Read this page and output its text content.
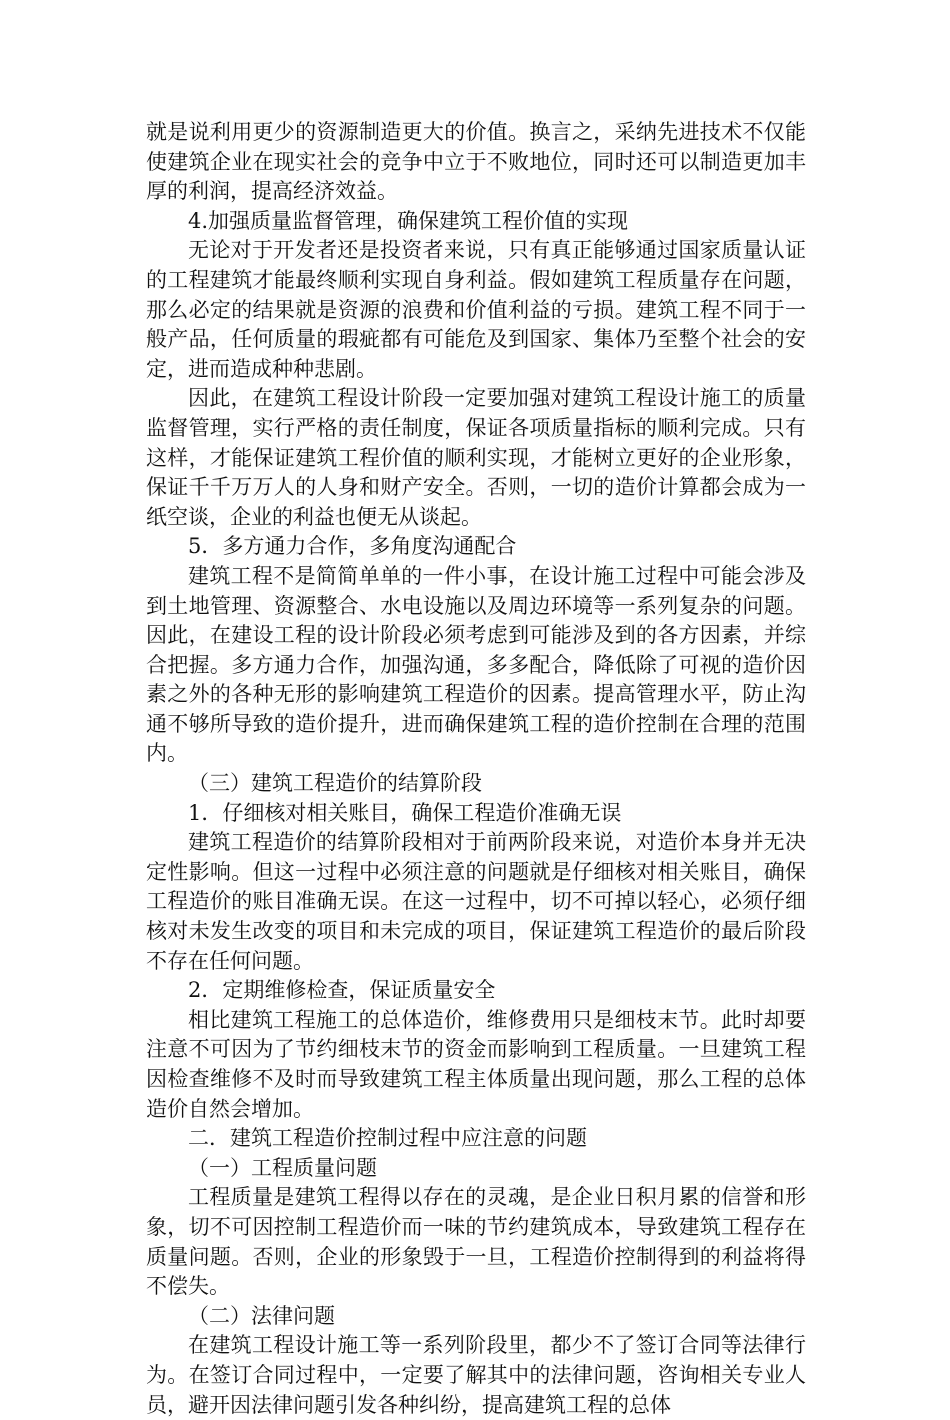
就是说利用更少的资源制造更大的价值。换言之，采纳先进技术不仅能使建筑企业在现实社会的竞争中立于不败地位，同时还可以制造更加丰厚的利润，提高经济效益。

4.加强质量监督管理，确保建筑工程价值的实现

无论对于开发者还是投资者来说，只有真正能够通过国家质量认证的工程建筑才能最终顺利实现自身利益。假如建筑工程质量存在问题，那么必定的结果就是资源的浪费和价值利益的亏损。建筑工程不同于一般产品，任何质量的瑕疵都有可能危及到国家、集体乃至整个社会的安定，进而造成种种悲剧。

因此，在建筑工程设计阶段一定要加强对建筑工程设计施工的质量监督管理，实行严格的责任制度，保证各项质量指标的顺利完成。只有这样，才能保证建筑工程价值的顺利实现，才能树立更好的企业形象，保证千千万万人的人身和财产安全。否则，一切的造价计算都会成为一纸空谈，企业的利益也便无从谈起。

5．多方通力合作，多角度沟通配合

建筑工程不是简简单单的一件小事，在设计施工过程中可能会涉及到土地管理、资源整合、水电设施以及周边环境等一系列复杂的问题。因此，在建设工程的设计阶段必须考虑到可能涉及到的各方因素，并综合把握。多方通力合作，加强沟通，多多配合，降低除了可视的造价因素之外的各种无形的影响建筑工程造价的因素。提高管理水平，防止沟通不够所导致的造价提升，进而确保建筑工程的造价控制在合理的范围内。

（三）建筑工程造价的结算阶段

1．仔细核对相关账目，确保工程造价准确无误

建筑工程造价的结算阶段相对于前两阶段来说，对造价本身并无决定性影响。但这一过程中必须注意的问题就是仔细核对相关账目，确保工程造价的账目准确无误。在这一过程中，切不可掉以轻心，必须仔细核对未发生改变的项目和未完成的项目，保证建筑工程造价的最后阶段不存在任何问题。

2．定期维修检查，保证质量安全

相比建筑工程施工的总体造价，维修费用只是细枝末节。此时却要注意不可因为了节约细枝末节的资金而影响到工程质量。一旦建筑工程因检查维修不及时而导致建筑工程主体质量出现问题，那么工程的总体造价自然会增加。

二．建筑工程造价控制过程中应注意的问题

（一）工程质量问题

工程质量是建筑工程得以存在的灵魂，是企业日积月累的信誉和形象，切不可因控制工程造价而一味的节约建筑成本，导致建筑工程存在质量问题。否则，企业的形象毁于一旦，工程造价控制得到的利益将得不偿失。

（二）法律问题

在建筑工程设计施工等一系列阶段里，都少不了签订合同等法律行为。在签订合同过程中，一定要了解其中的法律问题，咨询相关专业人员，避开因法律问题引发各种纠纷，提高建筑工程的总体
